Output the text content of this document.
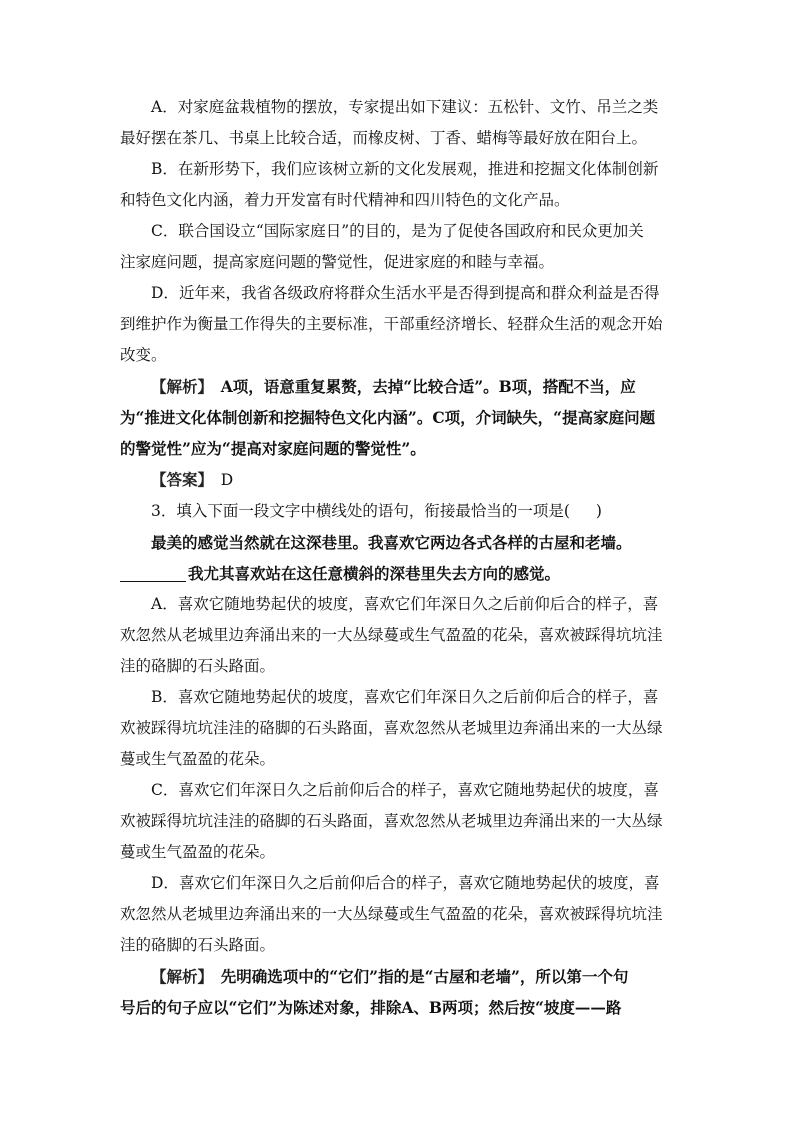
A．对家庭盆栽植物的摆放，专家提出如下建议：五松针、文竹、吊兰之类

最好摆在茶几、书桌上比较合适，而橡皮树、丁香、蜡梅等最好放在阳台上。

B．在新形势下，我们应该树立新的文化发展观，推进和挖掘文化体制创新

和特色文化内涵，着力开发富有时代精神和四川特色的文化产品。

C．联合国设立“国际家庭日”的目的，是为了促使各国政府和民众更加关

注家庭问题，提高家庭问题的警觉性，促进家庭的和睦与幸福。

D．近年来，我省各级政府将群众生活水平是否得到提高和群众利益是否得

到维护作为衡量工作得失的主要标准，干部重经济增长、轻群众生活的观念开始

改变。

【解析】　A项，语意重复累赘，去掉“比较合适”。B项，搭配不当，应

为“推进文化体制创新和挖掘特色文化内涵”。C项，介词缺失，“提高家庭问题

的警觉性”应为“提高对家庭问题的警觉性”。

【答案】　D

3．填入下面一段文字中横线处的语句，衔接最恰当的一项是( )

最美的感觉当然就在这深巷里。我喜欢它两边各式各样的古屋和老墙。

我尤其喜欢站在这任意横斜的深巷里失去方向的感觉。

A．喜欢它随地势起伏的坡度，喜欢它们年深日久之后前仰后合的样子，喜

欢忽然从老城里边奔涌出来的一大丛绿蔓或生气盈盈的花朵，喜欢被踩得坑坑洼

洼的硌脚的石头路面。

B．喜欢它随地势起伏的坡度，喜欢它们年深日久之后前仰后合的样子，喜

欢被踩得坑坑洼洼的硌脚的石头路面，喜欢忽然从老城里边奔涌出来的一大丛绿

蔓或生气盈盈的花朵。

C．喜欢它们年深日久之后前仰后合的样子，喜欢它随地势起伏的坡度，喜

欢被踩得坑坑洼洼的硌脚的石头路面，喜欢忽然从老城里边奔涌出来的一大丛绿

蔓或生气盈盈的花朵。

D．喜欢它们年深日久之后前仰后合的样子，喜欢它随地势起伏的坡度，喜

欢忽然从老城里边奔涌出来的一大丛绿蔓或生气盈盈的花朵，喜欢被踩得坑坑洼

洼的硌脚的石头路面。

【解析】　先明确选项中的“它们”指的是“古屋和老墙”，所以第一个句

号后的句子应以“它们”为陈述对象，排除A、B两项；然后按“坡度——路
